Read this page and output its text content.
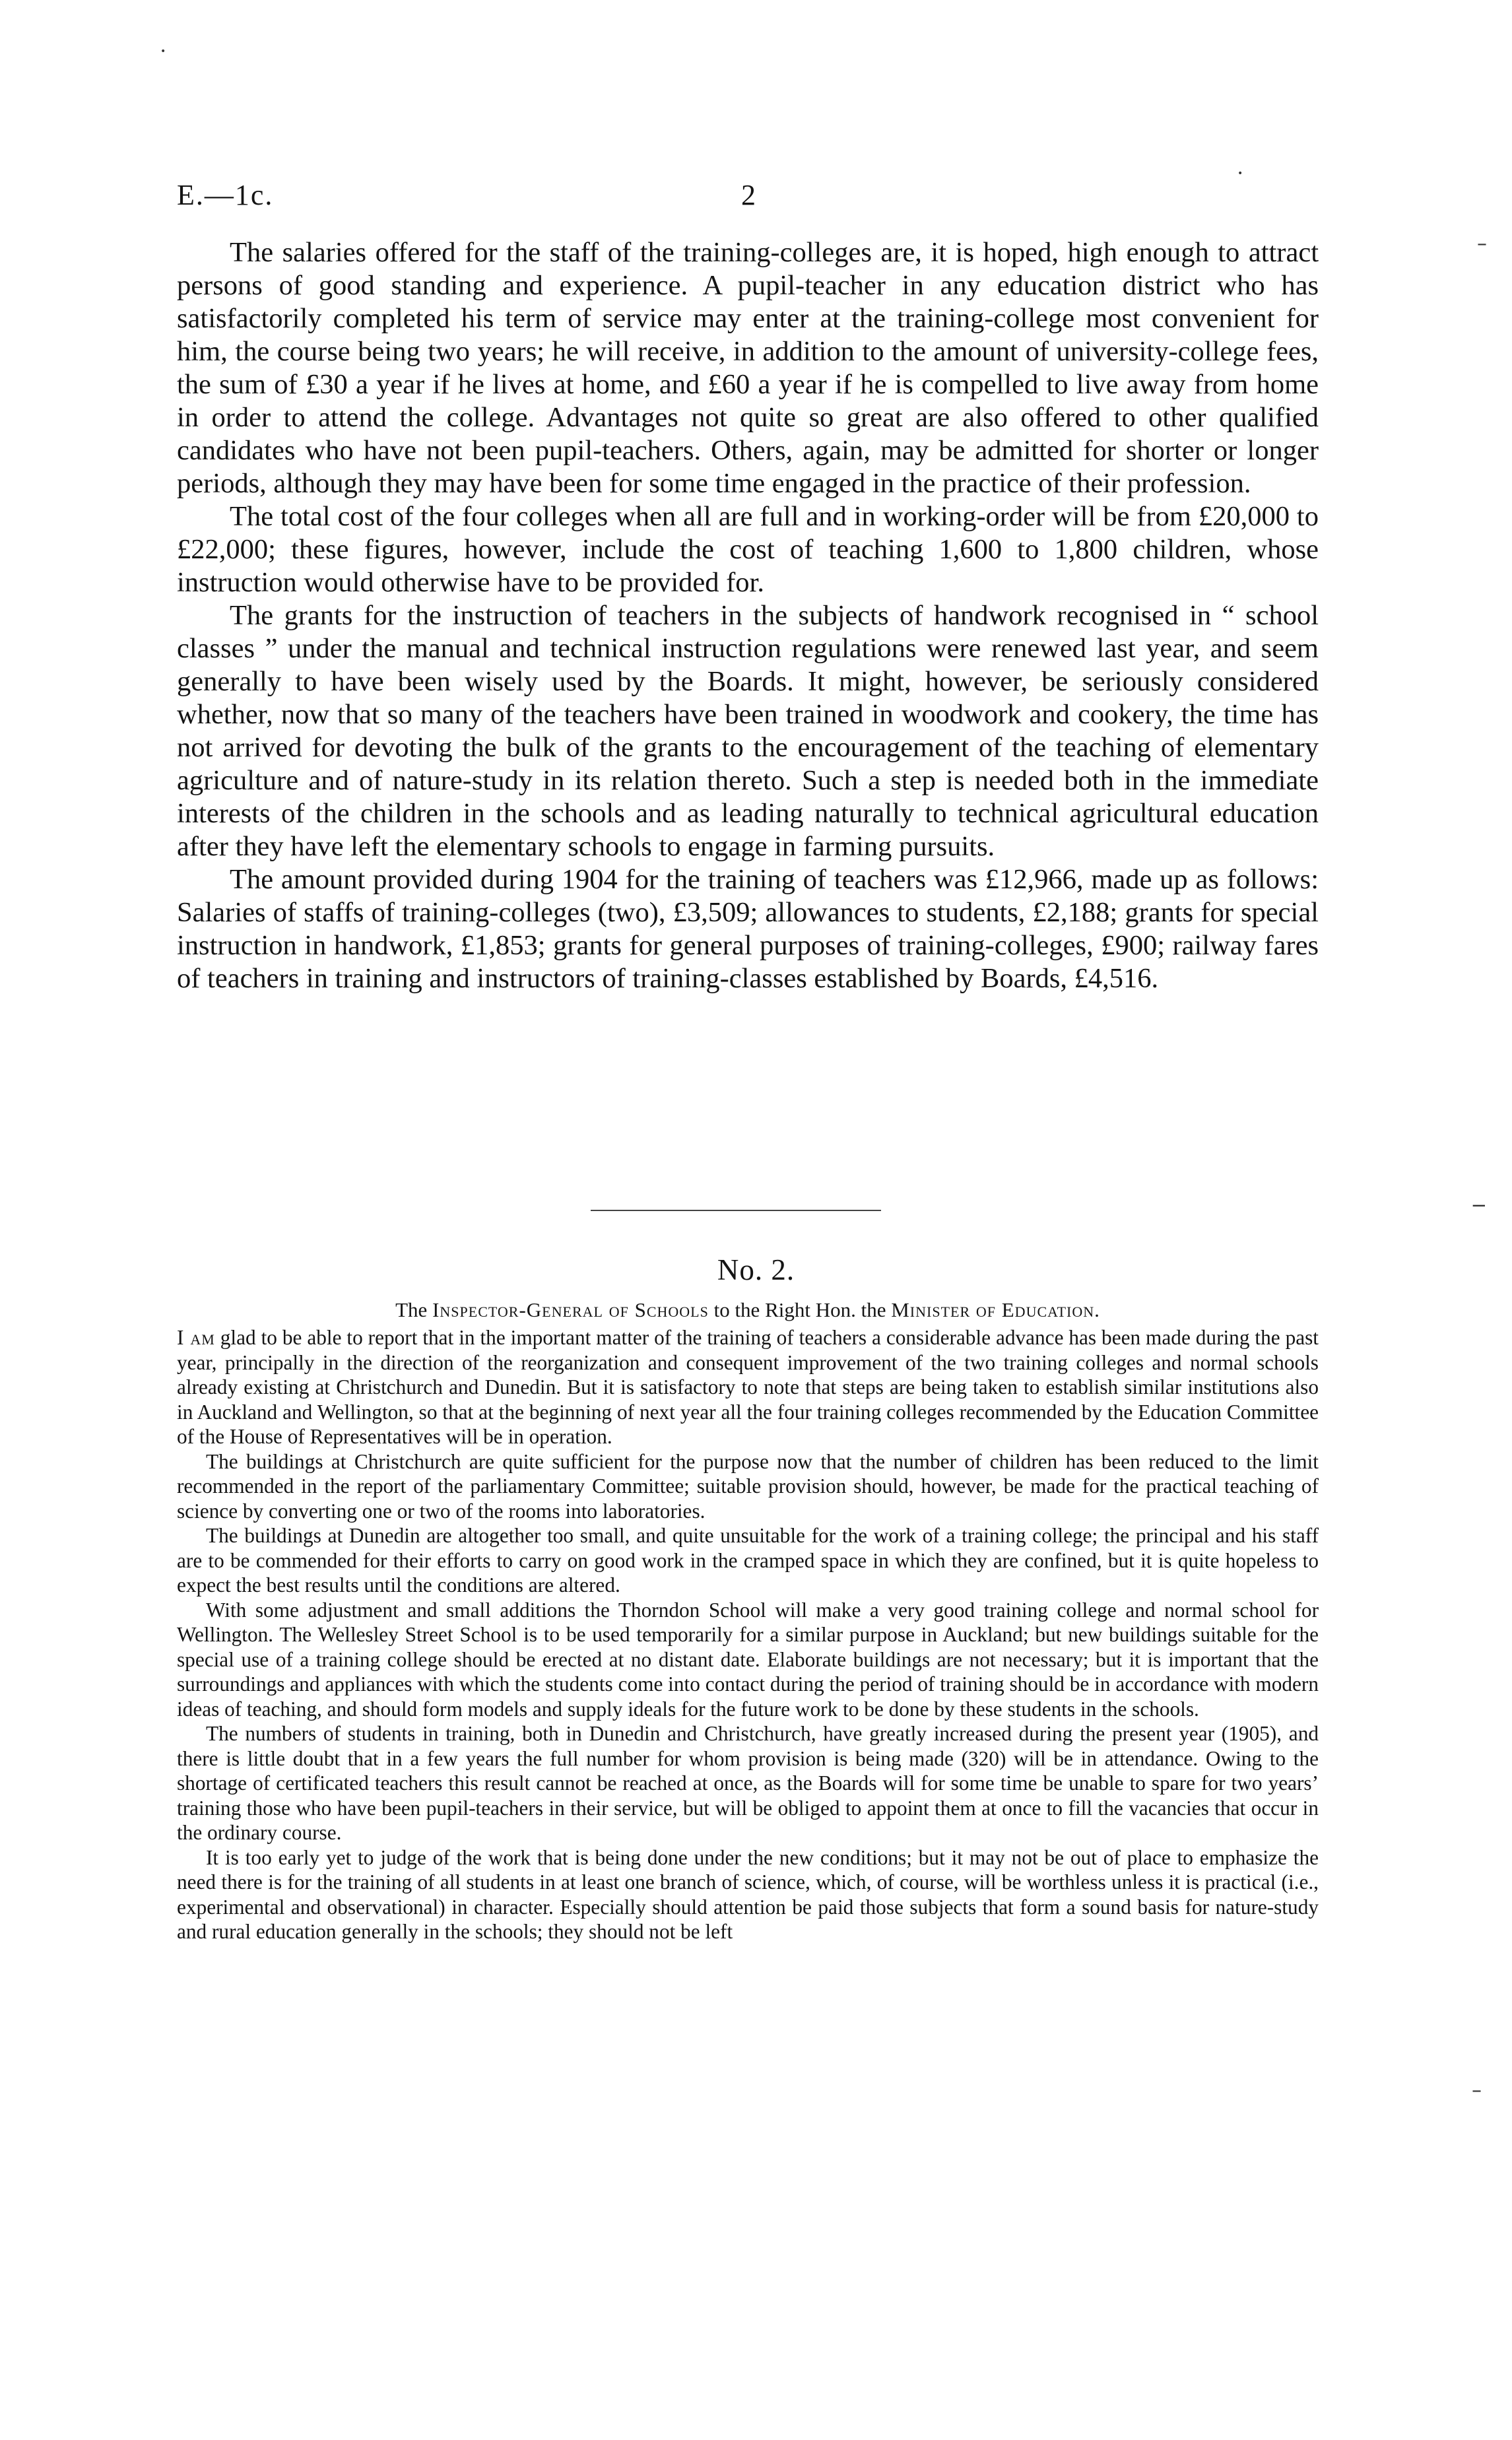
•
•
–
‒
–
E.—1c.	2

The salaries offered for the staff of the training-colleges are, it is hoped, high enough to attract persons of good standing and experience. A pupil-teacher in any education district who has satisfactorily completed his term of service may enter at the training-college most convenient for him, the course being two years; he will receive, in addition to the amount of university-college fees, the sum of £30 a year if he lives at home, and £60 a year if he is compelled to live away from home in order to attend the college. Advantages not quite so great are also offered to other qualified candidates who have not been pupil-teachers. Others, again, may be admitted for shorter or longer periods, although they may have been for some time engaged in the practice of their profession.

The total cost of the four colleges when all are full and in working-order will be from £20,000 to £22,000; these figures, however, include the cost of teaching 1,600 to 1,800 children, whose instruction would otherwise have to be provided for.

The grants for the instruction of teachers in the subjects of handwork recognised in “ school classes ” under the manual and technical instruction regulations were renewed last year, and seem generally to have been wisely used by the Boards. It might, however, be seriously considered whether, now that so many of the teachers have been trained in woodwork and cookery, the time has not arrived for devoting the bulk of the grants to the encouragement of the teaching of elementary agriculture and of nature-study in its relation thereto. Such a step is needed both in the immediate interests of the children in the schools and as leading naturally to technical agricultural education after they have left the elementary schools to engage in farming pursuits.

The amount provided during 1904 for the training of teachers was £12,966, made up as follows: Salaries of staffs of training-colleges (two), £3,509; allowances to students, £2,188; grants for special instruction in handwork, £1,853; grants for general purposes of training-colleges, £900; railway fares of teachers in training and instructors of training-classes established by Boards, £4,516.

No. 2.
The Inspector-General of Schools to the Right Hon. the Minister of Education.

I am glad to be able to report that in the important matter of the training of teachers a considerable advance has been made during the past year, principally in the direction of the reorganization and consequent improvement of the two training colleges and normal schools already existing at Christchurch and Dunedin. But it is satisfactory to note that steps are being taken to establish similar institutions also in Auckland and Wellington, so that at the beginning of next year all the four training colleges recommended by the Education Committee of the House of Representatives will be in operation.

The buildings at Christchurch are quite sufficient for the purpose now that the number of children has been reduced to the limit recommended in the report of the parliamentary Committee; suitable provision should, however, be made for the practical teaching of science by converting one or two of the rooms into laboratories.

The buildings at Dunedin are altogether too small, and quite unsuitable for the work of a training college; the principal and his staff are to be commended for their efforts to carry on good work in the cramped space in which they are confined, but it is quite hopeless to expect the best results until the conditions are altered.

With some adjustment and small additions the Thorndon School will make a very good training college and normal school for Wellington. The Wellesley Street School is to be used temporarily for a similar purpose in Auckland; but new buildings suitable for the special use of a training college should be erected at no distant date. Elaborate buildings are not necessary; but it is important that the surroundings and appliances with which the students come into contact during the period of training should be in accordance with modern ideas of teaching, and should form models and supply ideals for the future work to be done by these students in the schools.

The numbers of students in training, both in Dunedin and Christchurch, have greatly increased during the present year (1905), and there is little doubt that in a few years the full number for whom provision is being made (320) will be in attendance. Owing to the shortage of certificated teachers this result cannot be reached at once, as the Boards will for some time be unable to spare for two years’ training those who have been pupil-teachers in their service, but will be obliged to appoint them at once to fill the vacancies that occur in the ordinary course.

It is too early yet to judge of the work that is being done under the new conditions; but it may not be out of place to emphasize the need there is for the training of all students in at least one branch of science, which, of course, will be worthless unless it is practical (i.e., experimental and observational) in character. Especially should attention be paid those subjects that form a sound basis for nature-study and rural education generally in the schools; they should not be left
